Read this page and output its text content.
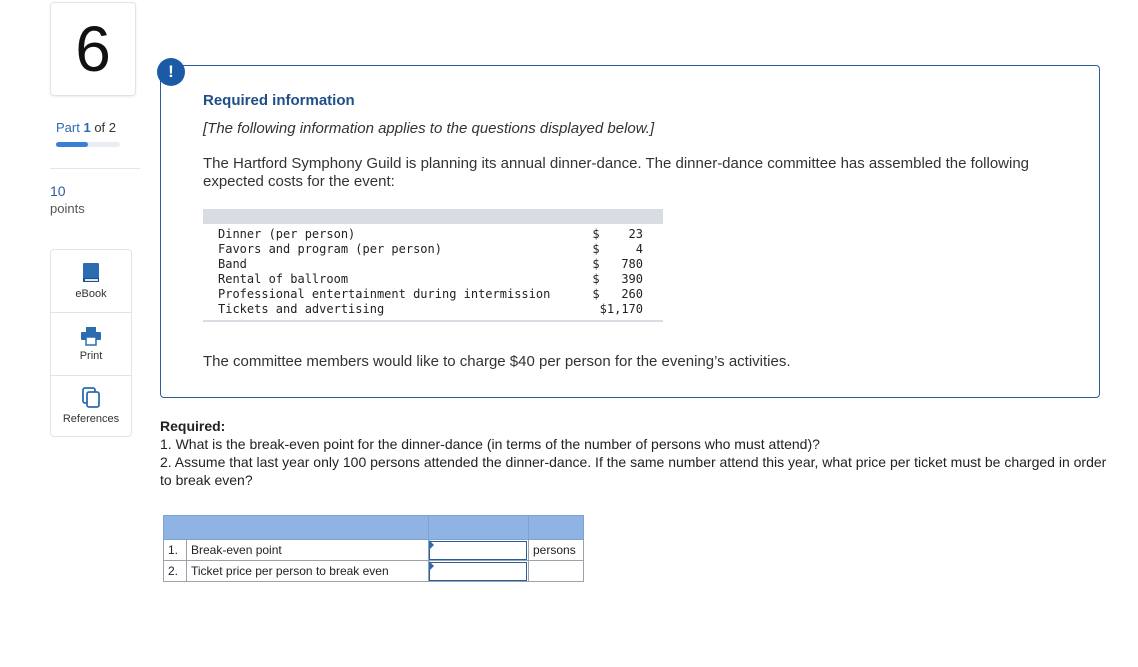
6
Part 1 of 2
10
points
eBook
Print
References
Required information
[The following information applies to the questions displayed below.]
The Hartford Symphony Guild is planning its annual dinner-dance. The dinner-dance committee has assembled the following expected costs for the event:
Dinner (per person)	$    23
Favors and program (per person)	$     4
Band	$   780
Rental of ballroom	$   390
Professional entertainment during intermission	$   260
Tickets and advertising	$1,170
The committee members would like to charge $40 per person for the evening’s activities.
!
Required:
1. What is the break-even point for the dinner-dance (in terms of the number of persons who must attend)?
2. Assume that last year only 100 persons attended the dinner-dance. If the same number attend this year, what price per ticket must be charged in order to break even?

1.	Break-even point		persons
2.	Ticket price per person to break even	
